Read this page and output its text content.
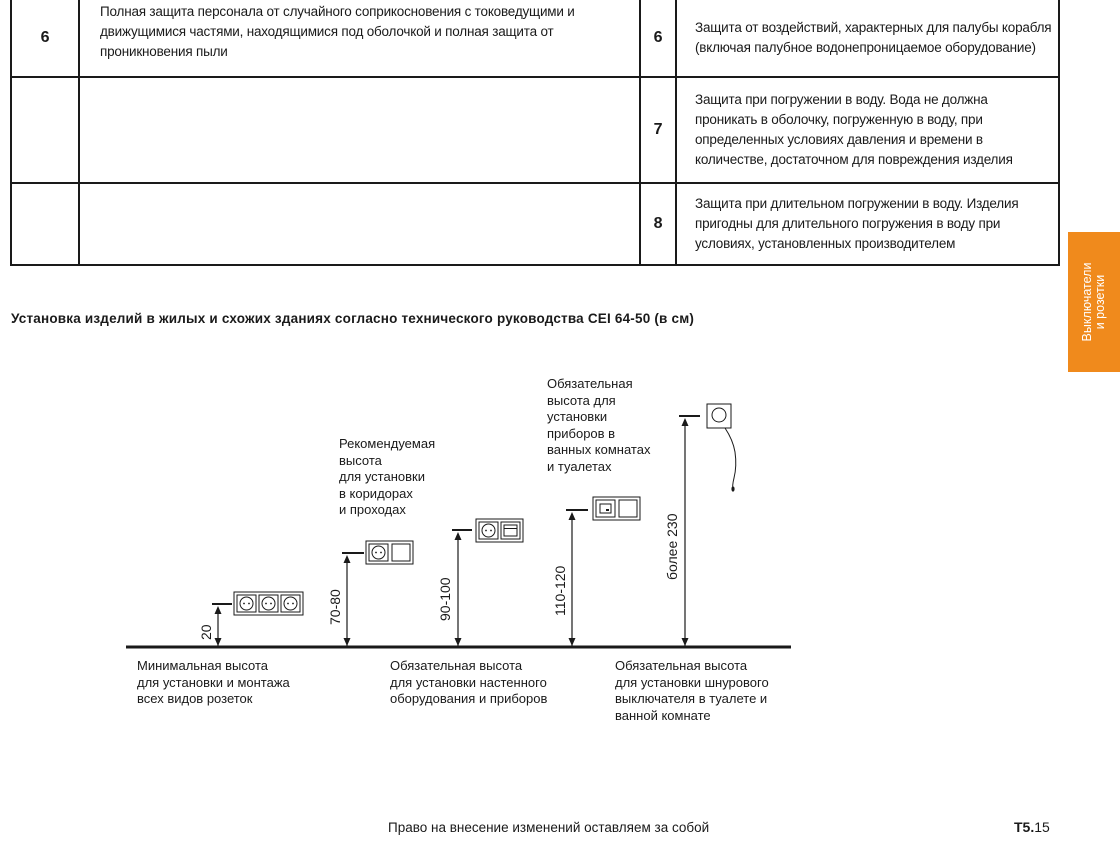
6	Полная защита персонала от случайного соприкосновения с токоведущими и движущимися частями, находящимися под оболочкой и полная защита от проникновения пыли	6	Защита от воздействий, характерных для палубы корабля (включая палубное водонепроницаемое оборудование)
		7	Защита при погружении в воду. Вода не должна проникать в оболочку, погруженную в воду, при определенных условиях давления и времени в количестве, достаточном для повреждения изделия
		8	Защита при длительном погружении в воду. Изделия пригодны для длительного погружения в воду при условиях, установленных производителем
Выключатели и розетки
Установка изделий в жилых и схожих зданиях согласно технического руководства CEI 64-50 (в см)
20
70-80	90-100	110-120
более 230
Рекомендуемая
высота
для установки
в коридорах
и проходах
Обязательная
высота для
установки
приборов в
ванных комнатах
и туалетах
Минимальная высота
для установки и монтажа
всех видов розеток
Обязательная высота
для установки настенного
оборудования и приборов
Обязательная высота
для установки шнурового
выключателя в туалете и
ванной комнате
Право на внесение изменений оставляем за собой	T5.15
